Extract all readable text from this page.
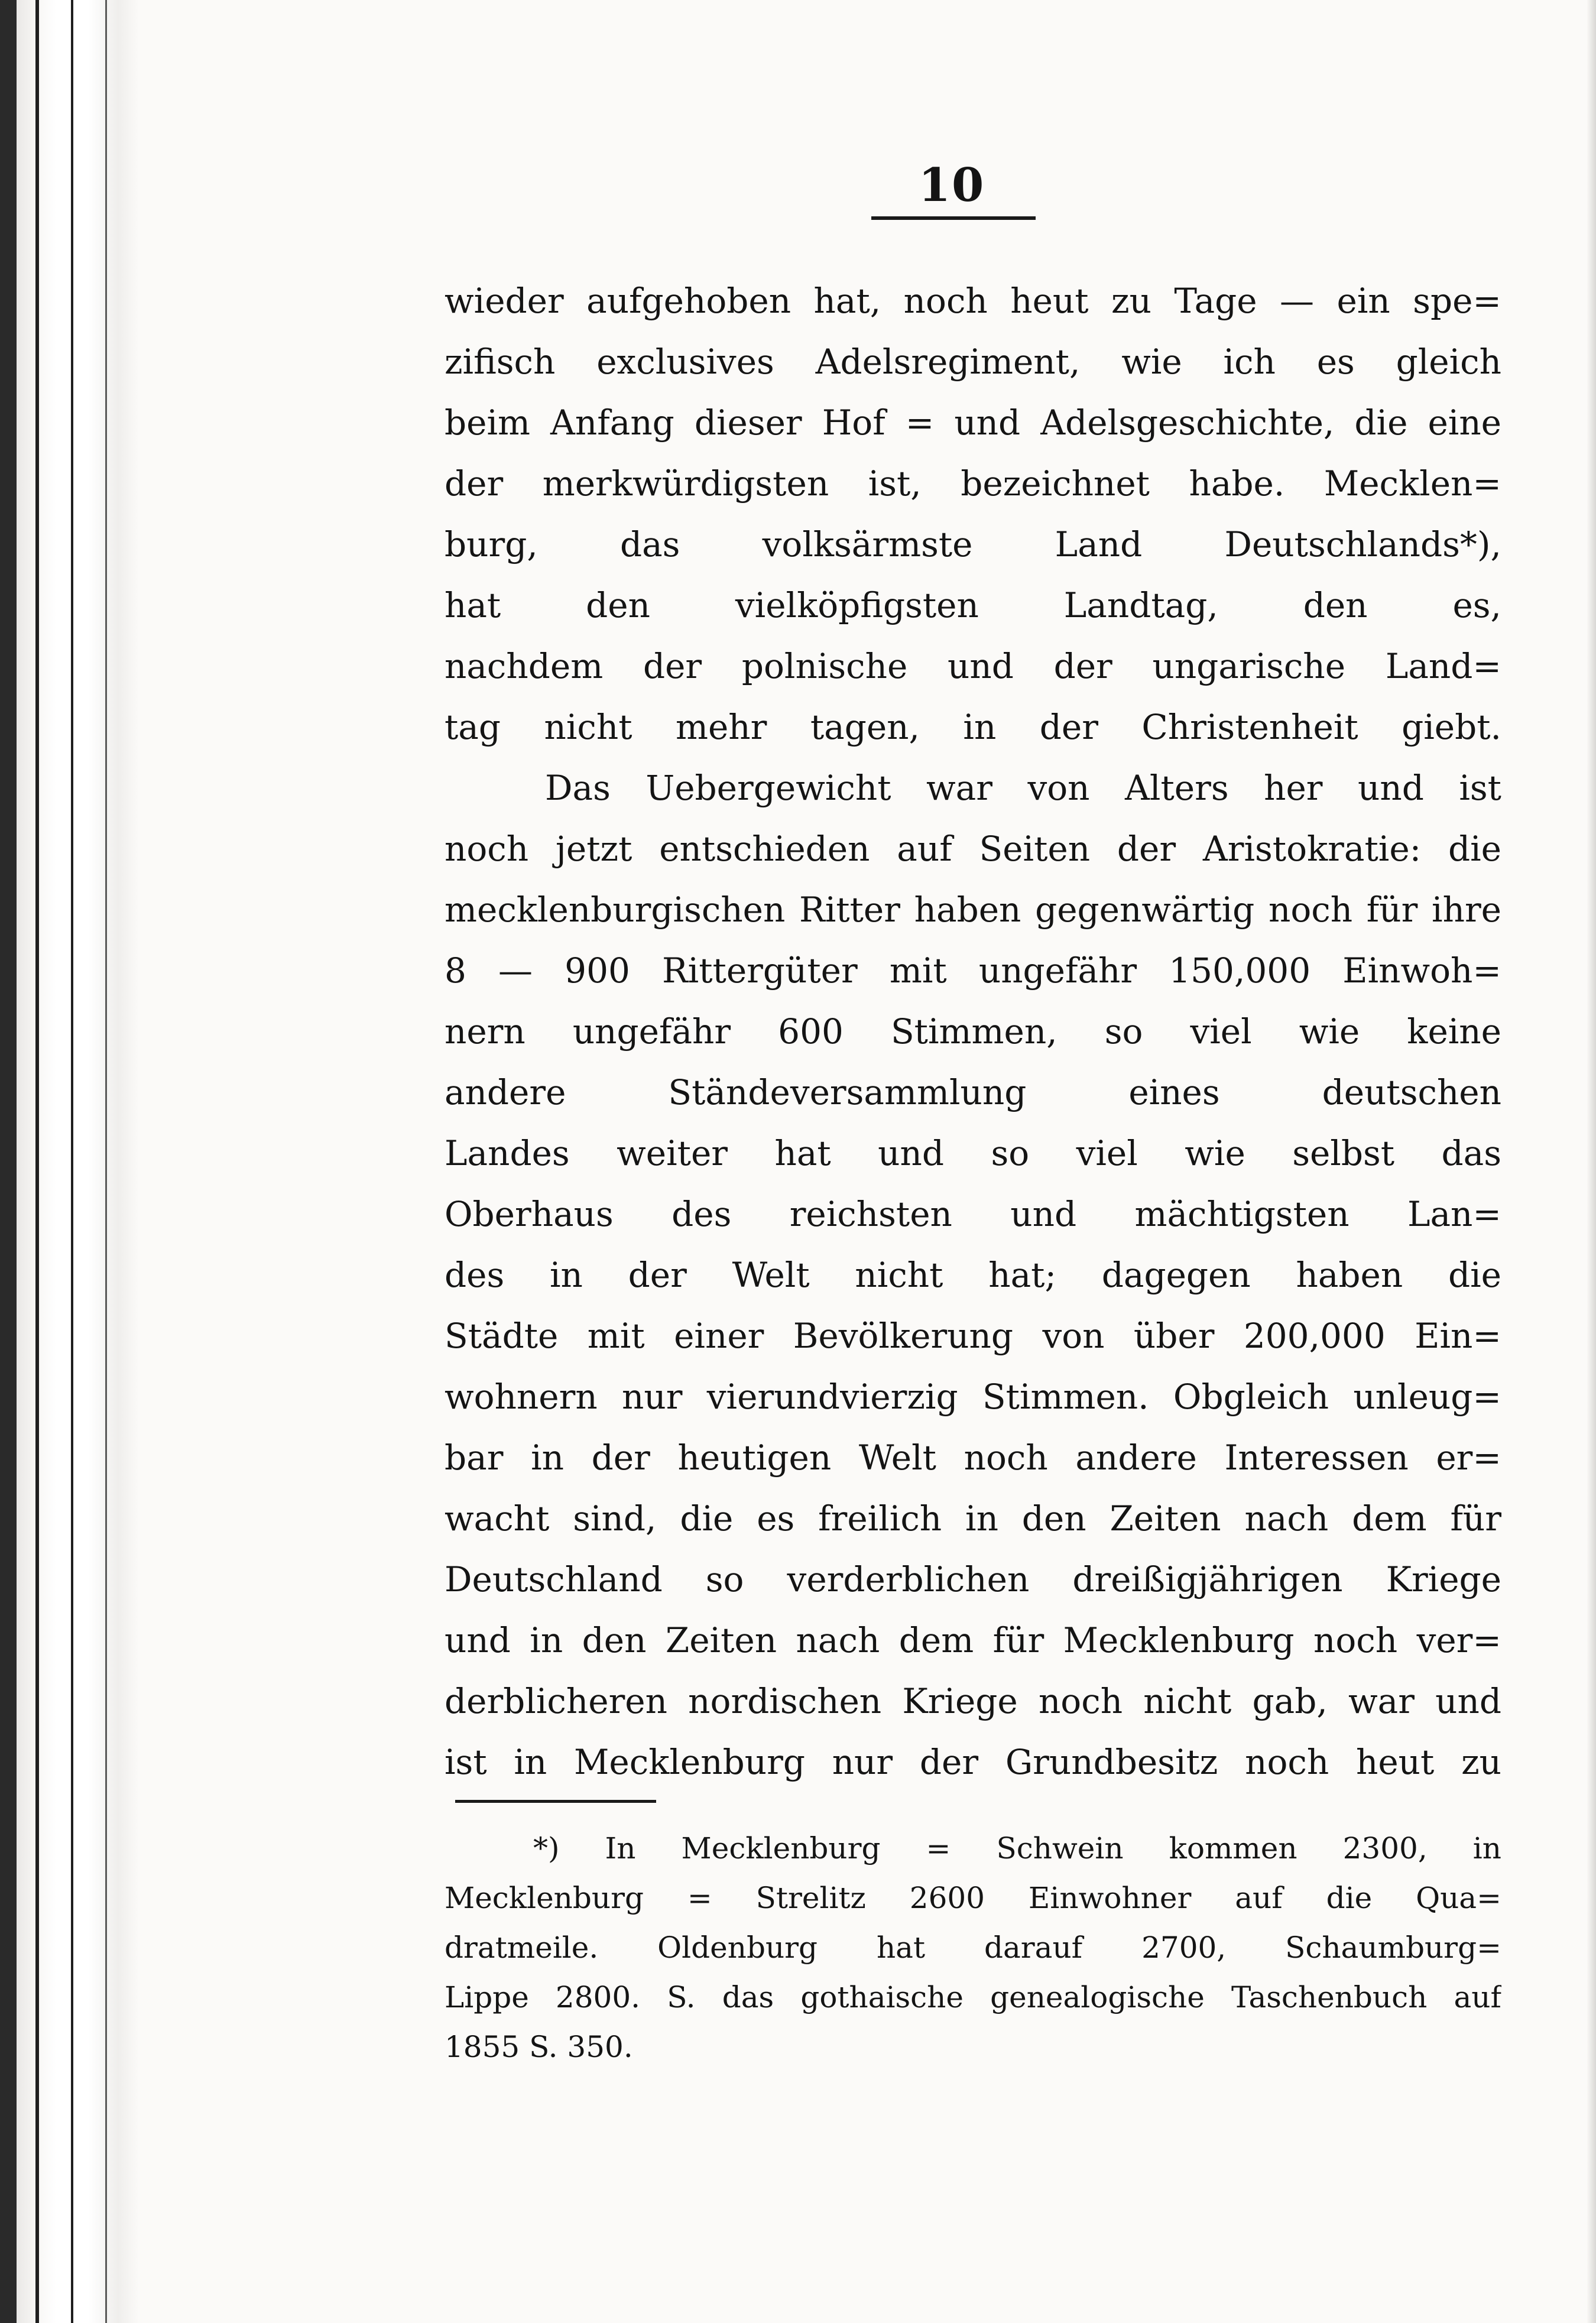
10
wieder aufgehoben hat, noch heut zu Tage — ein spe=
zifisch exclusives Adelsregiment, wie ich es gleich
beim Anfang dieser Hof = und Adelsgeschichte, die eine
der merkwürdigsten ist, bezeichnet habe. Mecklen=
burg, das volksärmste Land Deutschlands*),
hat den vielköpfigsten Landtag, den es,
nachdem der polnische und der ungarische Land=
tag nicht mehr tagen, in der Christenheit giebt.
Das Uebergewicht war von Alters her und ist
noch jetzt entschieden auf Seiten der Aristokratie: die
mecklenburgischen Ritter haben gegenwärtig noch für ihre
8 — 900 Rittergüter mit ungefähr 150,000 Einwoh=
nern ungefähr 600 Stimmen, so viel wie keine
andere Ständeversammlung eines deutschen
Landes weiter hat und so viel wie selbst das
Oberhaus des reichsten und mächtigsten Lan=
des in der Welt nicht hat; dagegen haben die
Städte mit einer Bevölkerung von über 200,000 Ein=
wohnern nur vierundvierzig Stimmen. Obgleich unleug=
bar in der heutigen Welt noch andere Interessen er=
wacht sind, die es freilich in den Zeiten nach dem für
Deutschland so verderblichen dreißigjährigen Kriege
und in den Zeiten nach dem für Mecklenburg noch ver=
derblicheren nordischen Kriege noch nicht gab, war und
ist in Mecklenburg nur der Grundbesitz noch heut zu
*) In Mecklenburg = Schwein kommen 2300, in
Mecklenburg = Strelitz 2600 Einwohner auf die Qua=
dratmeile. Oldenburg hat darauf 2700, Schaumburg=
Lippe 2800. S. das gothaische genealogische Taschenbuch auf
1855 S. 350.
